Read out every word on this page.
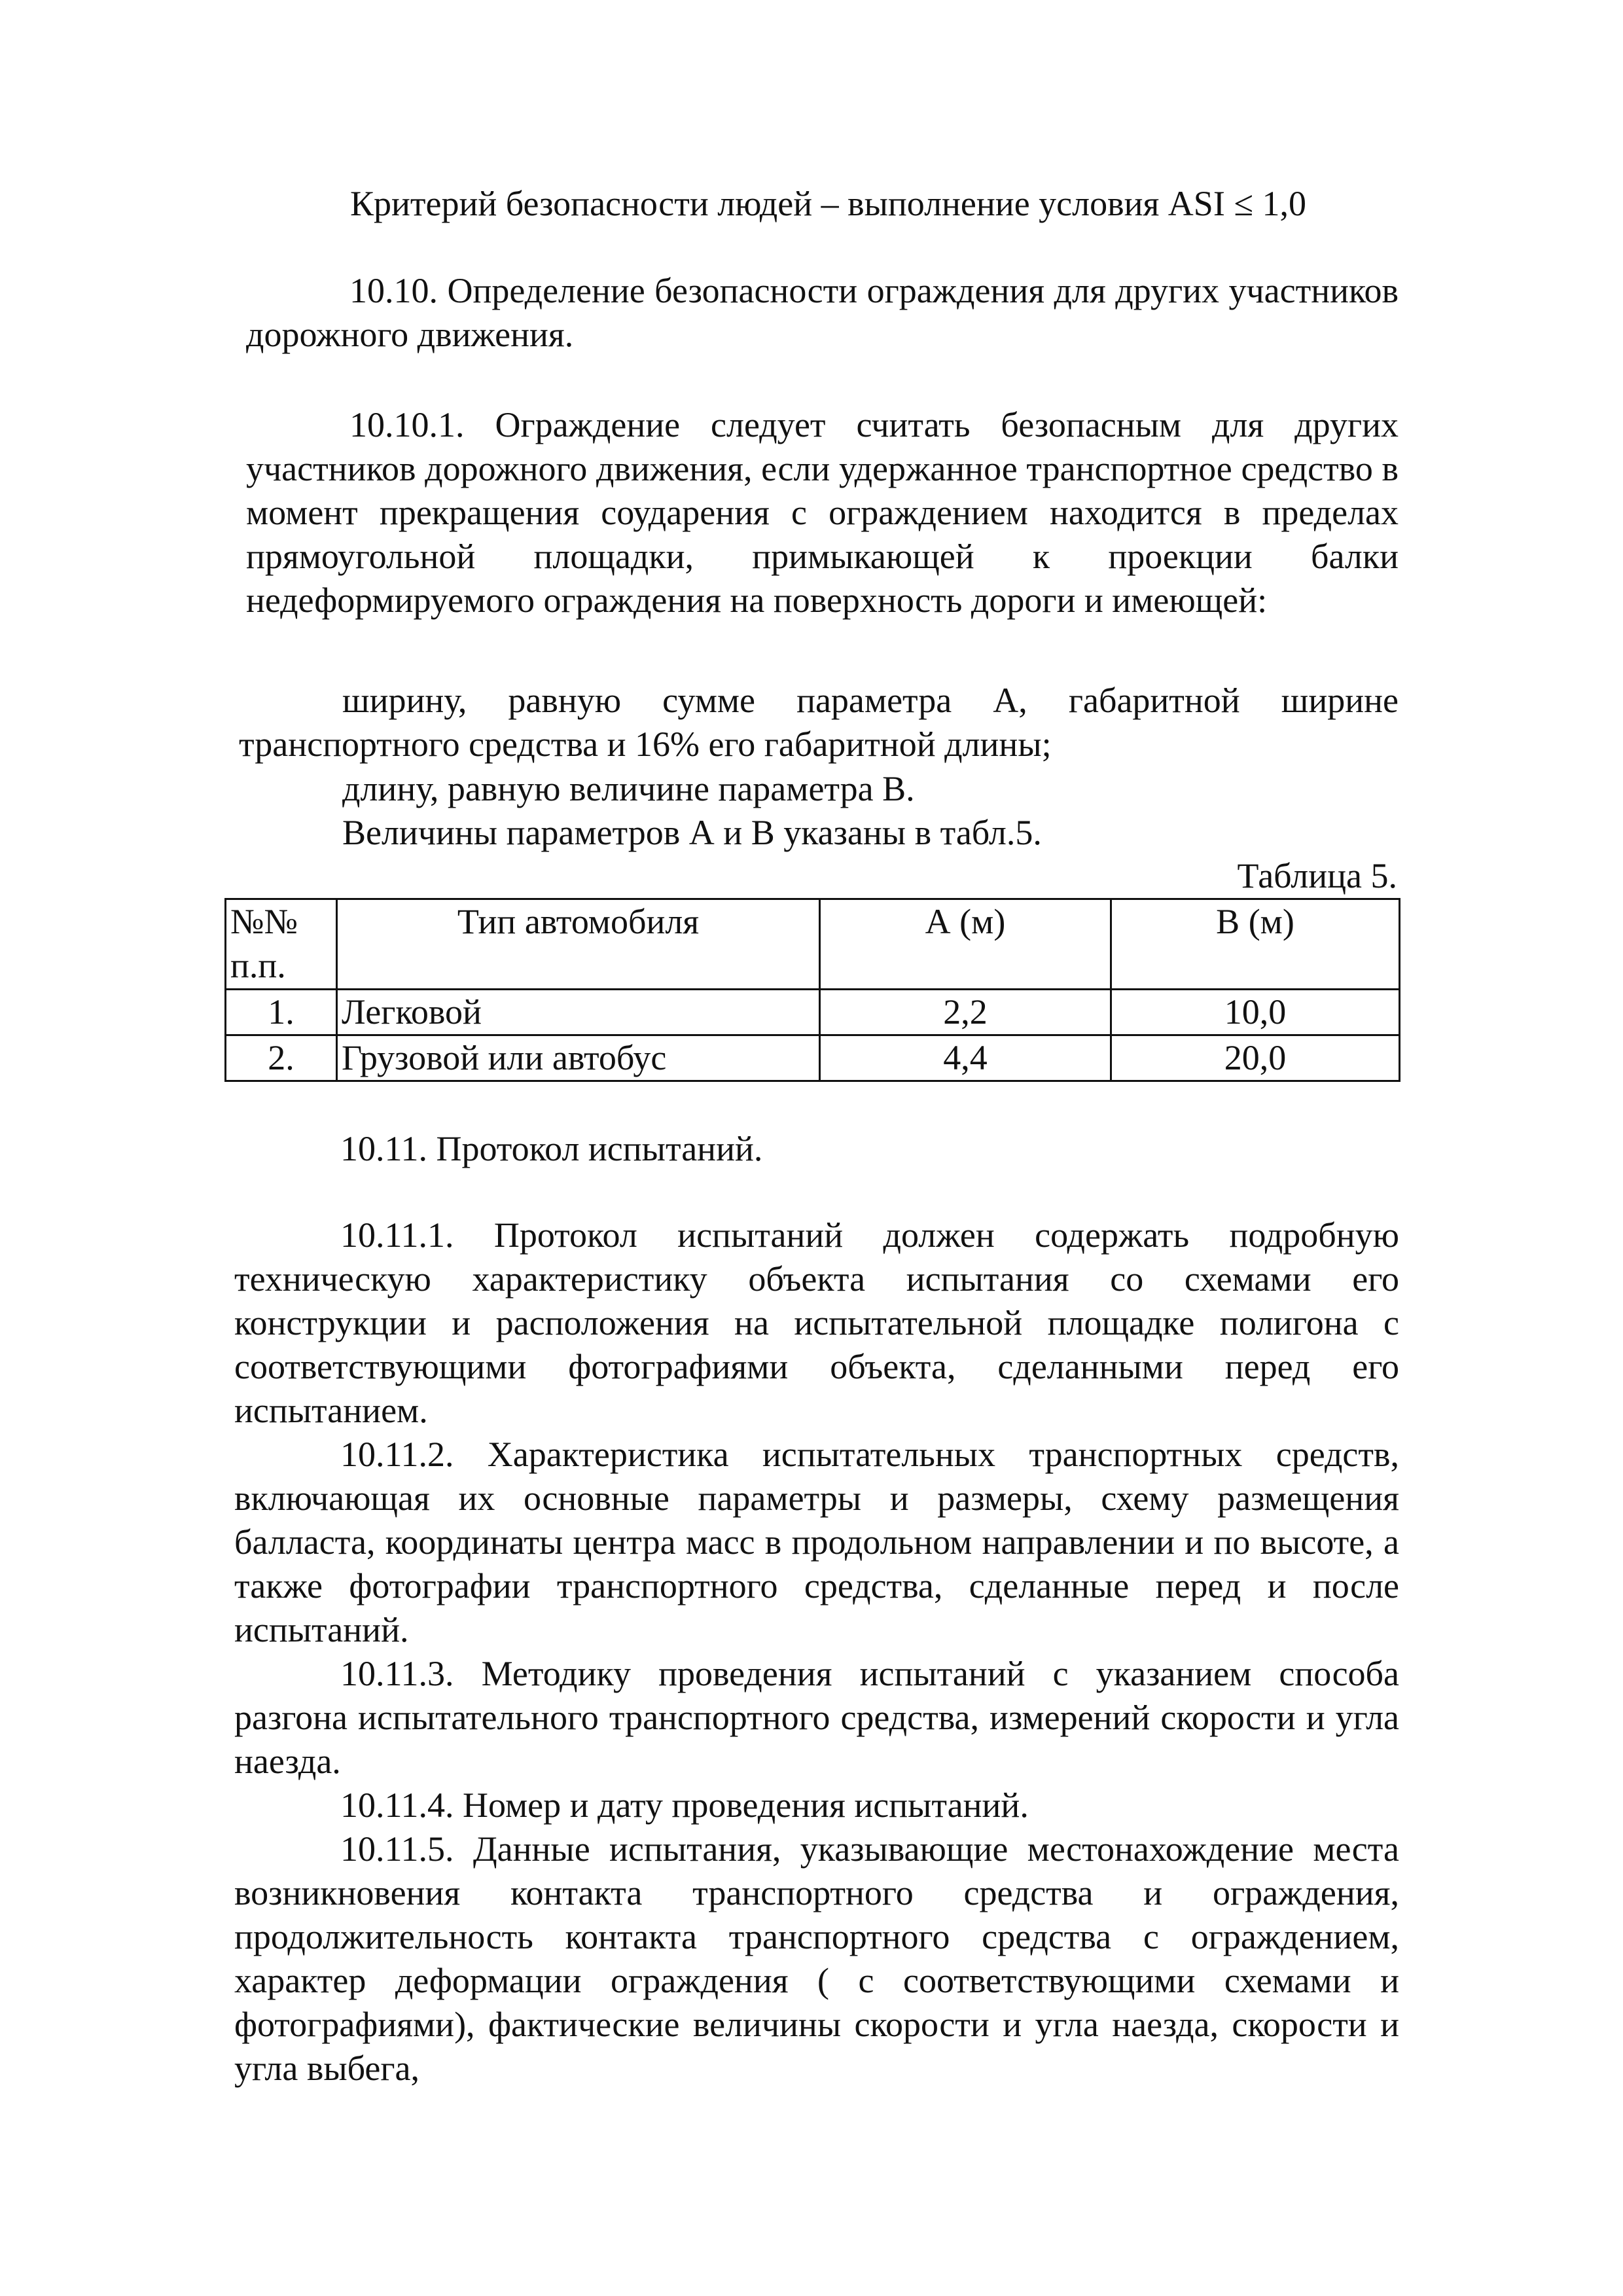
Критерий безопасности людей – выполнение условия ASI ≤ 1,0

10.10. Определение безопасности ограждения для других участников дорожного движения.

10.10.1. Ограждение следует считать безопасным для других участников дорожного движения, если удержанное транспортное средство в момент прекращения соударения с ограждением находится в пределах прямоугольной площадки, примыкающей к проекции балки недеформируемого ограждения на поверхность дороги и имеющей:

ширину, равную сумме параметра А, габаритной ширине транспортного средства и 16% его габаритной длины;

длину, равную величине параметра В.

Величины параметров А и В указаны в табл.5.

Таблица 5.
№№ п.п.	Тип автомобиля	А (м)	В (м)
1.	Легковой	2,2	10,0
2.	Грузовой или автобус	4,4	20,0

10.11. Протокол испытаний.

10.11.1. Протокол испытаний должен содержать подробную техническую характеристику объекта испытания со схемами его конструкции и расположения на испытательной площадке полигона с соответствующими фотографиями объекта, сделанными перед его испытанием.

10.11.2. Характеристика испытательных транспортных средств, включающая их основные параметры и размеры, схему размещения балласта, координаты центра масс в продольном направлении и по высоте, а также фотографии транспортного средства, сделанные перед и после испытаний.

10.11.3. Методику проведения испытаний с указанием способа разгона испытательного транспортного средства, измерений скорости и угла наезда.

10.11.4. Номер и дату проведения испытаний.

10.11.5. Данные испытания, указывающие местонахождение места возникновения контакта транспортного средства и ограждения, продолжительность контакта транспортного средства с ограждением, характер деформации ограждения ( с соответствующими схемами и фотографиями), фактические величины скорости и угла наезда, скорости и угла выбега,
